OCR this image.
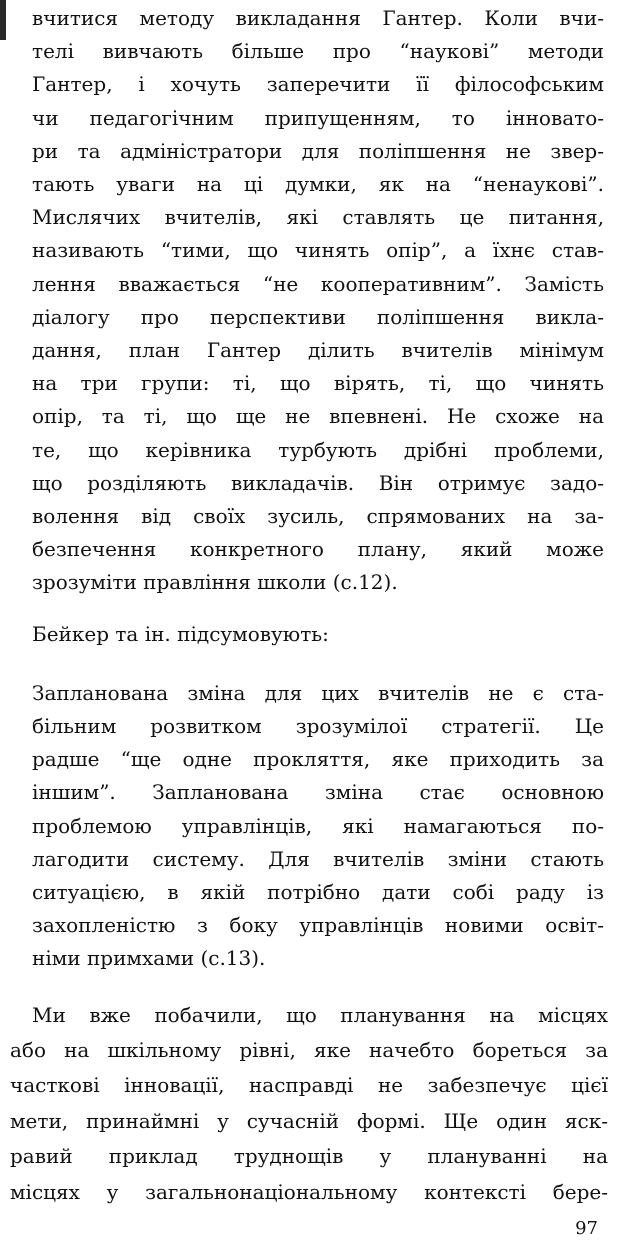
вчитися методу викладання Гантер. Коли вчи-
телі вивчають більше про “наукові” методи
Гантер, і хочуть заперечити її філософським
чи педагогічним припущенням, то інновато-
ри та адміністратори для поліпшення не звер-
тають уваги на ці думки, як на “ненаукові”.
Мислячих вчителів, які ставлять це питання,
називають “тими, що чинять опір”, а їхнє став-
лення вважається “не кооперативним”. Замість
діалогу про перспективи поліпшення викла-
дання, план Гантер ділить вчителів мінімум
на три групи: ті, що вірять, ті, що чинять
опір, та ті, що ще не впевнені. Не схоже на
те, що керівника турбують дрібні проблеми,
що розділяють викладачів. Він отримує задо-
волення від своїх зусиль, спрямованих на за-
безпечення конкретного плану, який може
зрозуміти правління школи (с.12).
Бейкер та ін. підсумовують:
Запланована зміна для цих вчителів не є ста-
більним розвитком зрозумілої стратегії. Це
радше “ще одне прокляття, яке приходить за
іншим”. Запланована зміна стає основною
проблемою управлінців, які намагаються по-
лагодити систему. Для вчителів зміни стають
ситуацією, в якій потрібно дати собі раду із
захопленістю з боку управлінців новими освіт-
німи примхами (с.13).
Ми вже побачили, що планування на місцях
або на шкільному рівні, яке начебто бореться за
часткові інновації, насправді не забезпечує цієї
мети, принаймні у сучасній формі. Ще один яск-
равий приклад труднощів у плануванні на
місцях у загальнонаціональному контексті бере-
97
